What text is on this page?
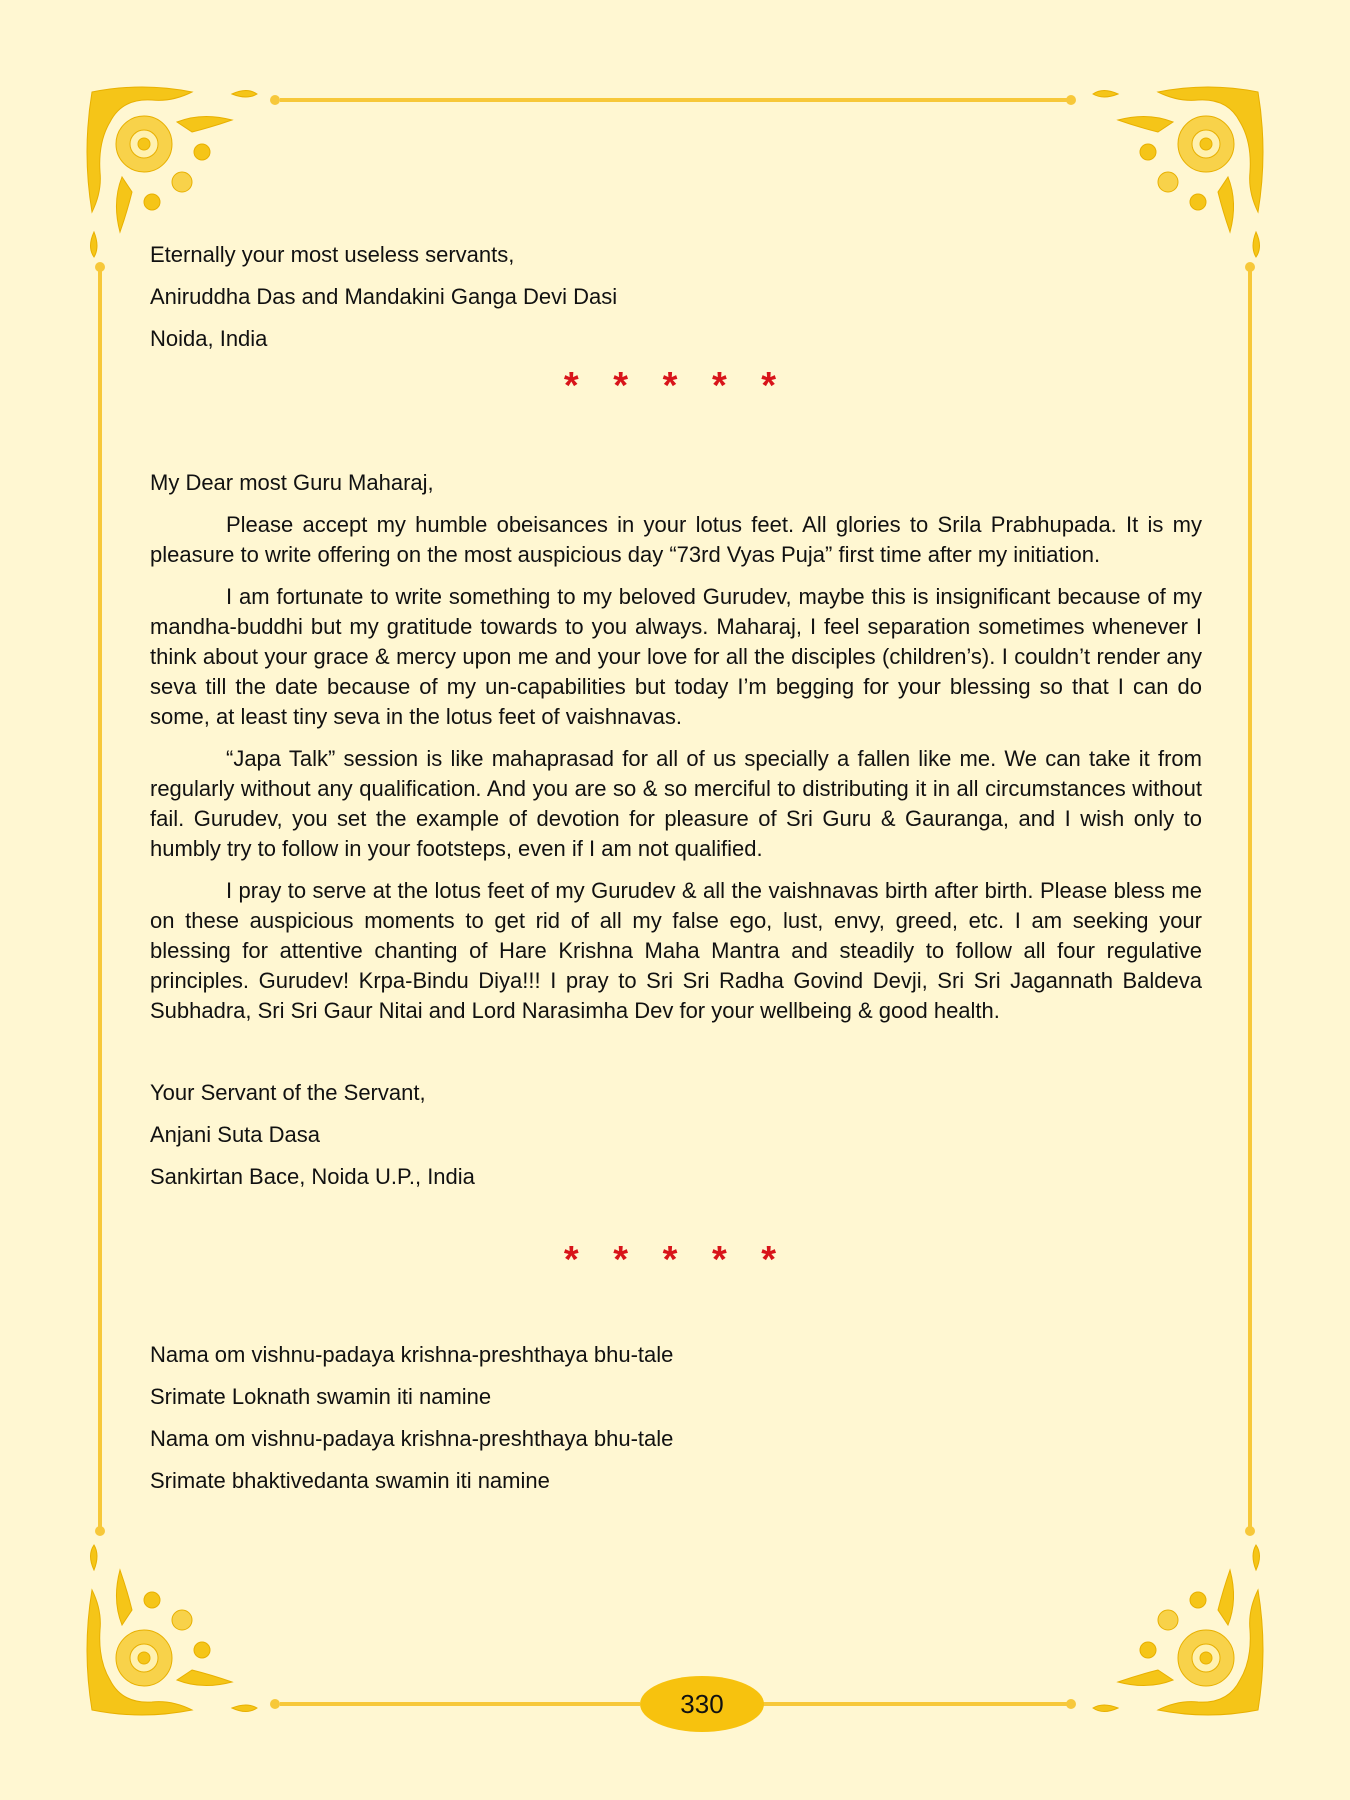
Eternally your most useless servants,

Aniruddha Das and Mandakini Ganga Devi Dasi

Noida, India

* * * * *

My Dear most Guru Maharaj,

Please accept my humble obeisances in your lotus feet. All glories to Srila Prabhupada. It is my pleasure to write offering on the most auspicious day “73rd Vyas Puja” first time after my initiation.

I am fortunate to write something to my beloved Gurudev, maybe this is insignificant because of my mandha-buddhi but my gratitude towards to you always. Maharaj, I feel separation sometimes whenever I think about your grace & mercy upon me and your love for all the disciples (children’s). I couldn’t render any seva till the date because of my un-capabilities but today I’m begging for your blessing so that I can do some, at least tiny seva in the lotus feet of vaishnavas.

“Japa Talk” session is like mahaprasad for all of us specially a fallen like me. We can take it from regularly without any qualification. And you are so & so merciful to distributing it in all circumstances without fail. Gurudev, you set the example of devotion for pleasure of Sri Guru & Gauranga, and I wish only to humbly try to follow in your footsteps, even if I am not qualified.

I pray to serve at the lotus feet of my Gurudev & all the vaishnavas birth after birth. Please bless me on these auspicious moments to get rid of all my false ego, lust, envy, greed, etc. I am seeking your blessing for attentive chanting of Hare Krishna Maha Mantra and steadily to follow all four regulative principles. Gurudev! Krpa-Bindu Diya!!! I pray to Sri Sri Radha Govind Devji, Sri Sri Jagannath Baldeva Subhadra, Sri Sri Gaur Nitai and Lord Narasimha Dev for your wellbeing & good health.

Your Servant of the Servant,

Anjani Suta Dasa

Sankirtan Bace, Noida U.P., India

* * * * *

Nama om vishnu-padaya krishna-preshthaya bhu-tale

Srimate Loknath swamin iti namine

Nama om vishnu-padaya krishna-preshthaya bhu-tale

Srimate bhaktivedanta swamin iti namine

330
